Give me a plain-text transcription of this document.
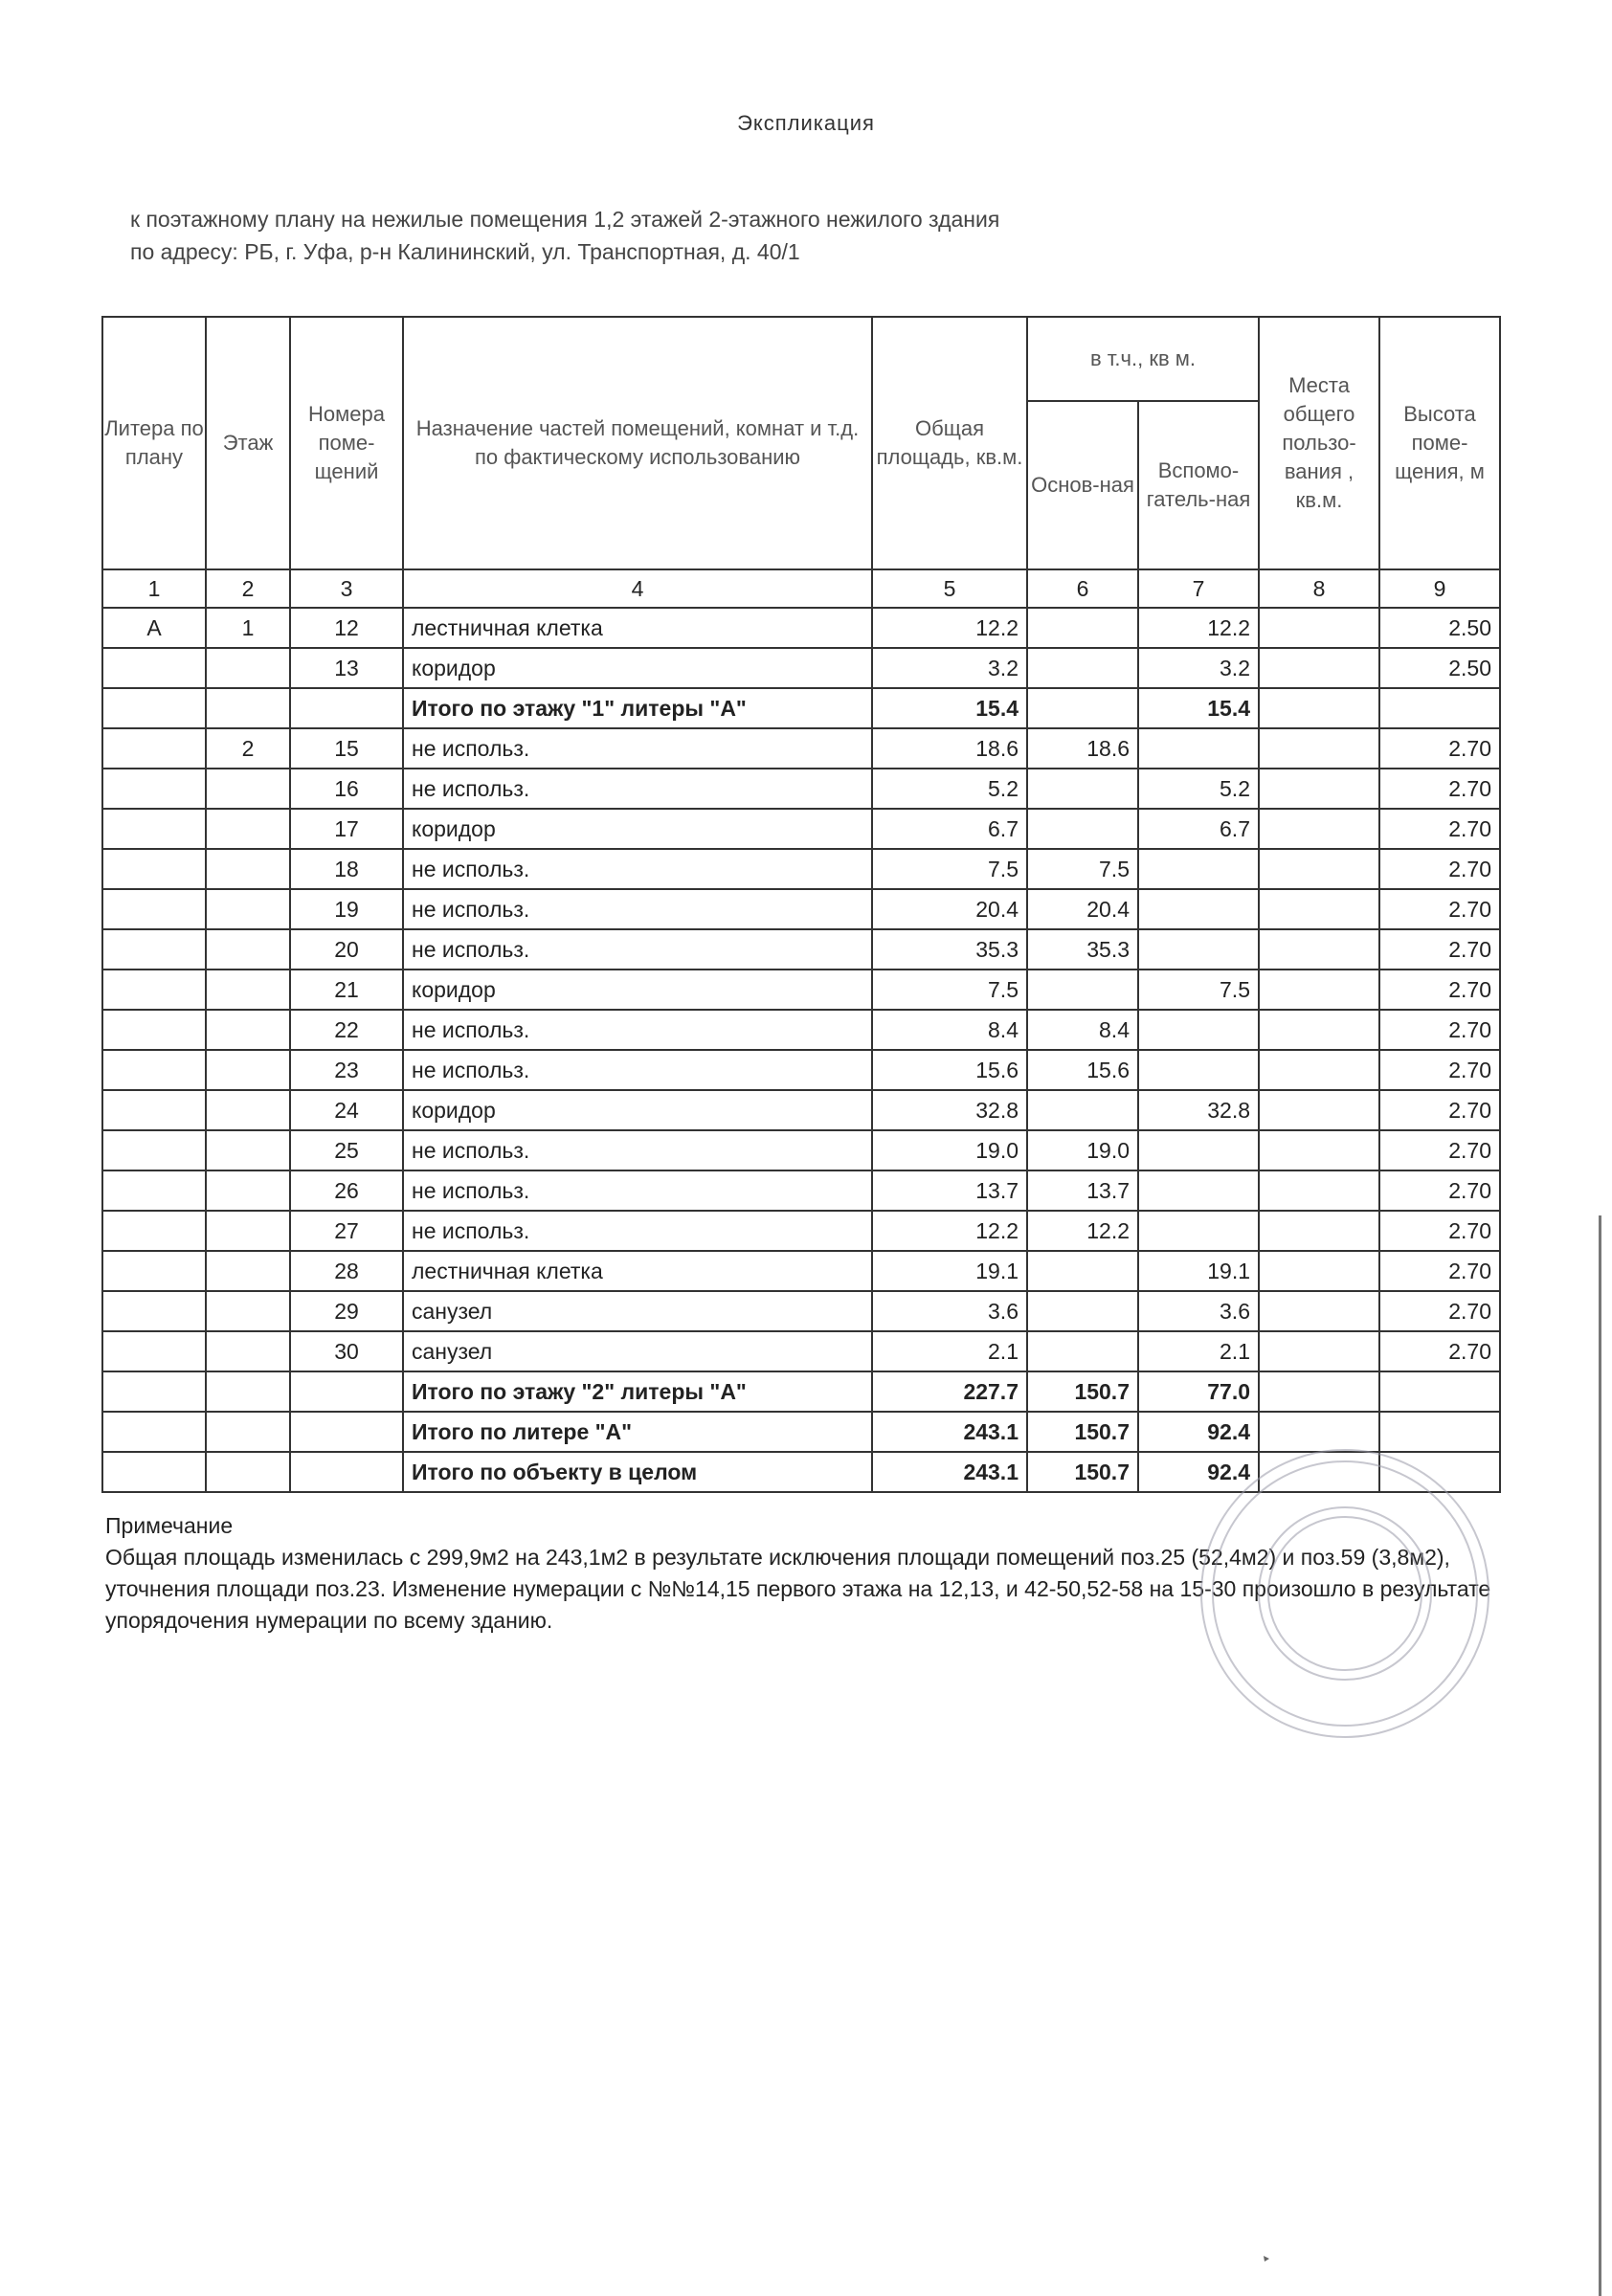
Экспликация
к поэтажному плану на нежилые помещения 1,2 этажей 2-этажного нежилого здания
по адресу: РБ, г. Уфа, р-н Калининский, ул. Транспортная, д. 40/1
Литера по плану	Этаж	Номера поме-щений	Назначение частей помещений, комнат и т.д. по фактическому использованию	Общая площадь, кв.м.	в т.ч., кв м.		Места общего пользо-вания , кв.м.	Высота поме-щения, м
					Основ-ная	Вспомо-гатель-ная		
1	2	3	4	5	6	7	8	9
А	1	12	лестничная клетка	12.2		12.2		2.50
		13	коридор	3.2		3.2		2.50
			Итого по этажу "1" литеры "А"	15.4		15.4		
	2	15	не использ.	18.6	18.6			2.70
		16	не использ.	5.2		5.2		2.70
		17	коридор	6.7		6.7		2.70
		18	не использ.	7.5	7.5			2.70
		19	не использ.	20.4	20.4			2.70
		20	не использ.	35.3	35.3			2.70
		21	коридор	7.5		7.5		2.70
		22	не использ.	8.4	8.4			2.70
		23	не использ.	15.6	15.6			2.70
		24	коридор	32.8		32.8		2.70
		25	не использ.	19.0	19.0			2.70
		26	не использ.	13.7	13.7			2.70
		27	не использ.	12.2	12.2			2.70
		28	лестничная клетка	19.1		19.1		2.70
		29	санузел	3.6		3.6		2.70
		30	санузел	2.1		2.1		2.70
			Итого по этажу "2" литеры "А"	227.7	150.7	77.0		
			Итого по литере "А"	243.1	150.7	92.4		
			Итого по объекту в целом	243.1	150.7	92.4		
Примечание
Общая площадь изменилась с 299,9м2 на 243,1м2 в результате исключения площади помещений поз.25 (52,4м2) и поз.59 (3,8м2), уточнения площади поз.23. Изменение нумерации с №№14,15 первого этажа на 12,13, и 42-50,52-58 на 15-30 произошло в результате упорядочения нумерации по всему зданию.
